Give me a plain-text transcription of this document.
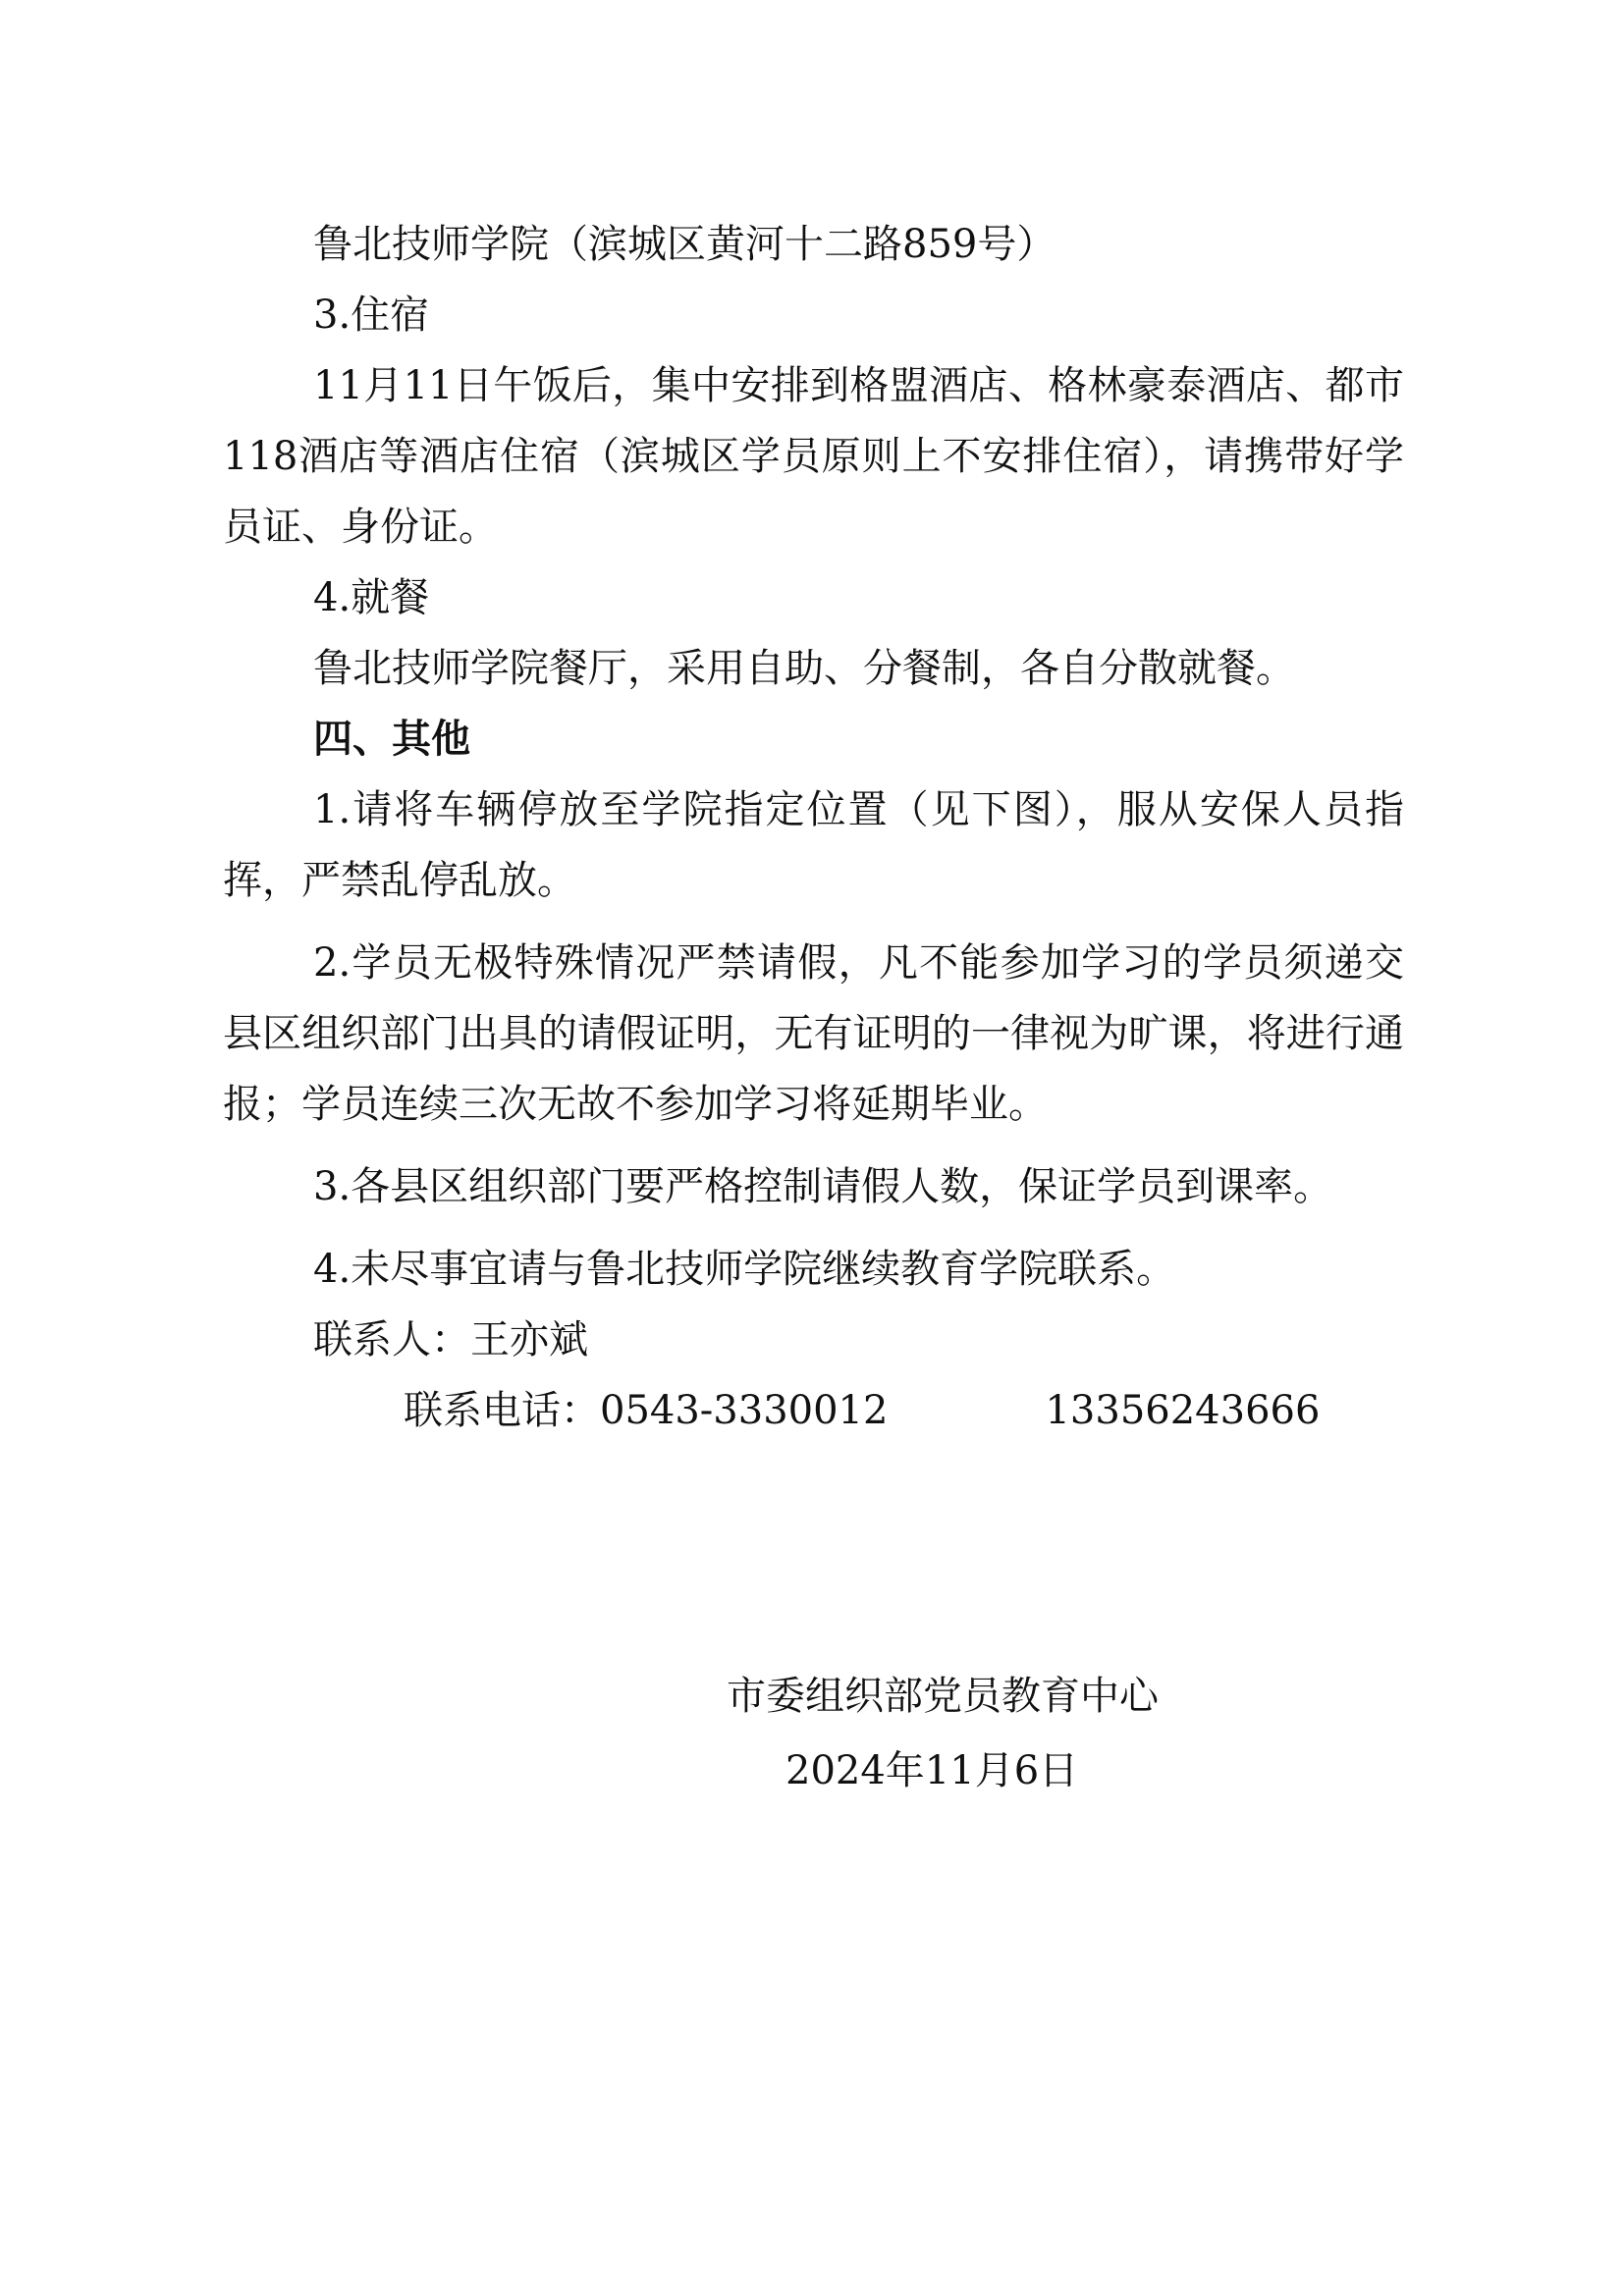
鲁北技师学院（滨城区黄河十二路859号）

3.住宿

11月11日午饭后，集中安排到格盟酒店、格林豪泰酒店、都市118酒店等酒店住宿（滨城区学员原则上不安排住宿），请携带好学员证、身份证。

4.就餐

鲁北技师学院餐厅，采用自助、分餐制，各自分散就餐。

四、其他

1.请将车辆停放至学院指定位置（见下图），服从安保人员指挥，严禁乱停乱放。

2.学员无极特殊情况严禁请假，凡不能参加学习的学员须递交县区组织部门出具的请假证明，无有证明的一律视为旷课，将进行通报；学员连续三次无故不参加学习将延期毕业。

3.各县区组织部门要严格控制请假人数，保证学员到课率。

4.未尽事宜请与鲁北技师学院继续教育学院联系。

联系人：王亦斌

联系电话：0543-3330012	13356243666

市委组织部党员教育中心

2024年11月6日
